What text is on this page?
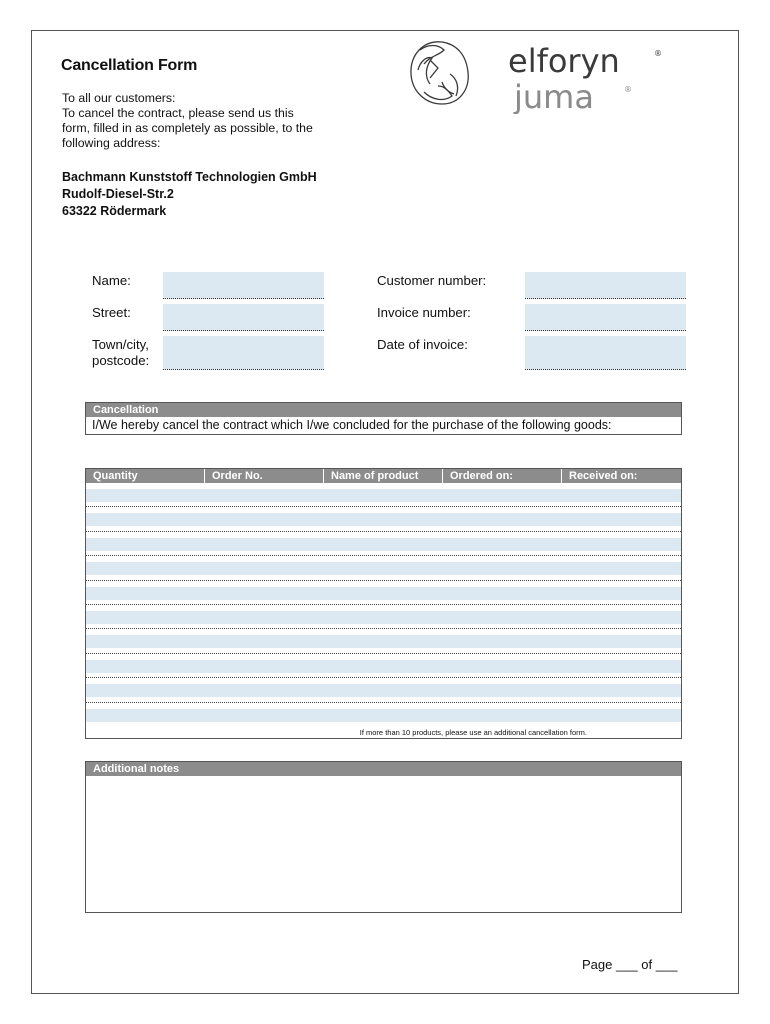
Cancellation Form
To all our customers:
To cancel the contract, please send us this
form, filled in as completely as possible, to the
following address:
Bachmann Kunststoff Technologien GmbH
Rudolf-Diesel-Str.2
63322 Rödermark
elforyn	®
juma	®
Name:
Street:
Town/city,
postcode:
Customer number:
Invoice number:
Date of invoice:
Cancellation
I/We hereby cancel the contract which I/we concluded for the purchase of the following goods:
Quantity	Order No.	Name of product	Ordered on:	Received on:
If more than 10 products, please use an additional cancellation form.
Additional notes
Page ___ of ___
